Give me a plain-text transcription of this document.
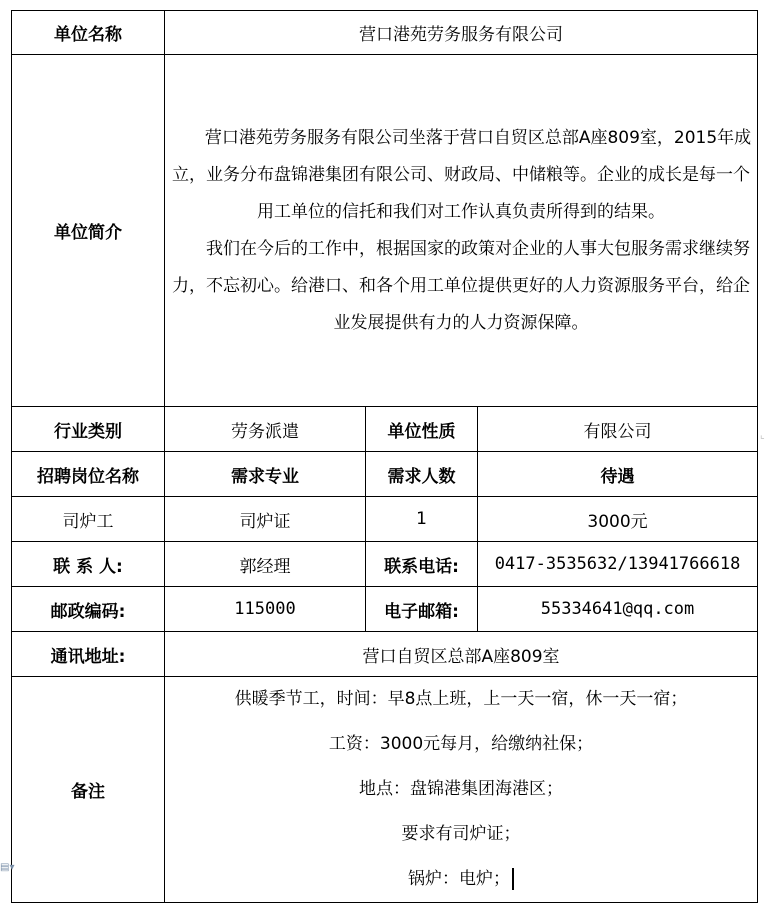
单位名称	营口港苑劳务服务有限公司		
单位简介	营口港苑劳务服务有限公司坐落于营口自贸区总部A座809室，2015年成立，业务分布盘锦港集团有限公司、财政局、中储粮等。企业的成长是每一个用工单位的信托和我们对工作认真负责所得到的结果。

我们在今后的工作中，根据国家的政策对企业的人事大包服务需求继续努力，不忘初心。给港口、和各个用工单位提供更好的人力资源服务平台，给企业发展提供有力的人力资源保障。		

行业类别	劳务派遣	单位性质	有限公司
招聘岗位名称	需求专业	需求人数	待遇
司炉工	司炉证	1	3000元
联 系 人:	郭经理	联系电话:	0417-3535632/13941766618
邮政编码:	115000	电子邮箱:	55334641@qq.com
通讯地址:	营口自贸区总部A座809室		
备注	供暖季节工，时间：早8点上班，上一天一宿，休一天一宿；
工资：3000元每月，给缴纳社保；
地点：盘锦港集团海港区；
要求有司炉证；
锅炉：电炉；		
▤▾
⌞
